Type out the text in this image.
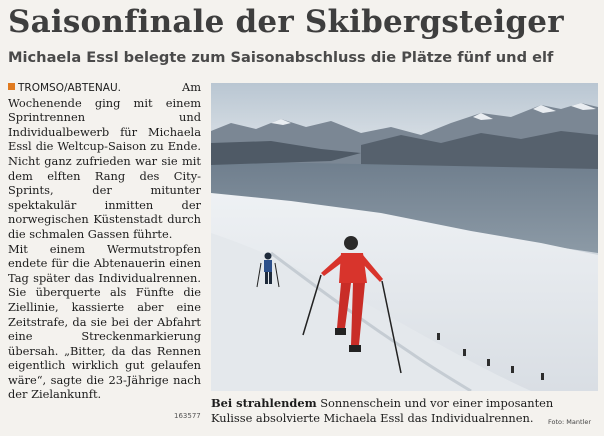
Saisonfinale der Skibergsteiger
Michaela Essl belegte zum Saisonabschluss die Plätze fünf und elf

TROMSO/ABTENAU.	Am Wochenende ging mit einem Sprintrennen und Individualbewerb für Michaela Essl die Weltcup-Saison zu Ende. Nicht ganz zufrieden war sie mit dem elften Rang des City-Sprints, der mitunter spektakulär inmitten der norwegischen Küstenstadt durch die schmalen Gassen führte.

Mit einem Wermutstropfen endete für die Abtenauerin einen Tag später das Individualrennen. Sie überquerte als Fünfte die Ziellinie, kassierte aber eine Zeitstrafe, da sie bei der Abfahrt eine Streckenmarkierung übersah. „Bitter, da das Rennen eigentlich wirklich gut gelaufen wäre“, sagte die 23-Jährige nach der Zielankunft.

163577
Bei strahlendem Sonnenschein und vor einer imposanten Kulisse absolvierte Michaela Essl das Individualrennen.	Foto: Mantler
